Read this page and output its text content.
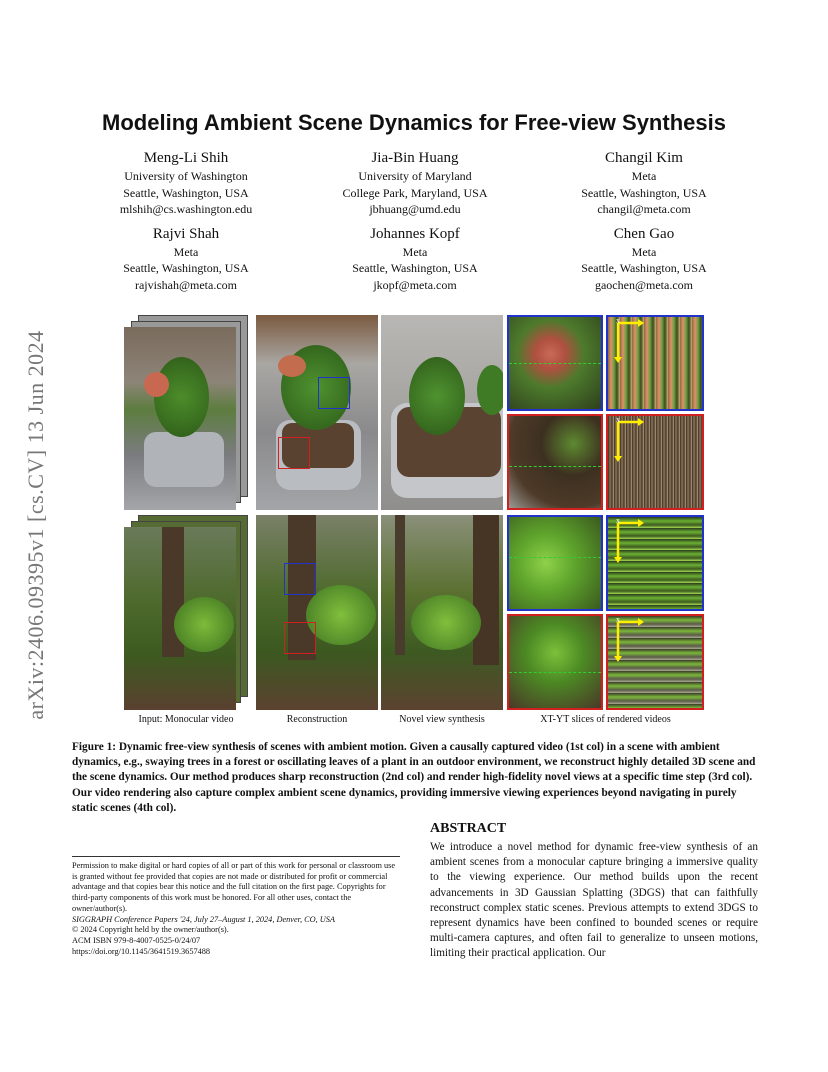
arXiv:2406.09395v1 [cs.CV] 13 Jun 2024
Modeling Ambient Scene Dynamics for Free-view Synthesis
Meng-Li Shih
University of Washington
Seattle, Washington, USA
mlshih@cs.washington.edu
Jia-Bin Huang
University of Maryland
College Park, Maryland, USA
jbhuang@umd.edu
Changil Kim
Meta
Seattle, Washington, USA
changil@meta.com
Rajvi Shah
Meta
Seattle, Washington, USA
rajvishah@meta.com
Johannes Kopf
Meta
Seattle, Washington, USA
jkopf@meta.com
Chen Gao
Meta
Seattle, Washington, USA
gaochen@meta.com
x
x
x
x
Input: Monocular video	Reconstruction	Novel view synthesis	XT-YT slices of rendered videos
Figure 1: Dynamic free-view synthesis of scenes with ambient motion. Given a causally captured video (1st col) in a scene with ambient dynamics, e.g., swaying trees in a forest or oscillating leaves of a plant in an outdoor environment, we reconstruct highly detailed 3D scene and the scene dynamics. Our method produces sharp reconstruction (2nd col) and render high-fidelity novel views at a specific time step (3rd col). Our video rendering also capture complex ambient scene dynamics, providing immersive viewing experiences beyond navigating in purely static scenes (4th col).
Permission to make digital or hard copies of all or part of this work for personal or classroom use is granted without fee provided that copies are not made or distributed for profit or commercial advantage and that copies bear this notice and the full citation on the first page. Copyrights for third-party components of this work must be honored. For all other uses, contact the owner/author(s).
SIGGRAPH Conference Papers '24, July 27–August 1, 2024, Denver, CO, USA
© 2024 Copyright held by the owner/author(s).
ACM ISBN 979-8-4007-0525-0/24/07
https://doi.org/10.1145/3641519.3657488
ABSTRACT
We introduce a novel method for dynamic free-view synthesis of an ambient scenes from a monocular capture bringing a immersive quality to the viewing experience. Our method builds upon the recent advancements in 3D Gaussian Splatting (3DGS) that can faithfully reconstruct complex static scenes. Previous attempts to extend 3DGS to represent dynamics have been confined to bounded scenes or require multi-camera captures, and often fail to generalize to unseen motions, limiting their practical application. Our
